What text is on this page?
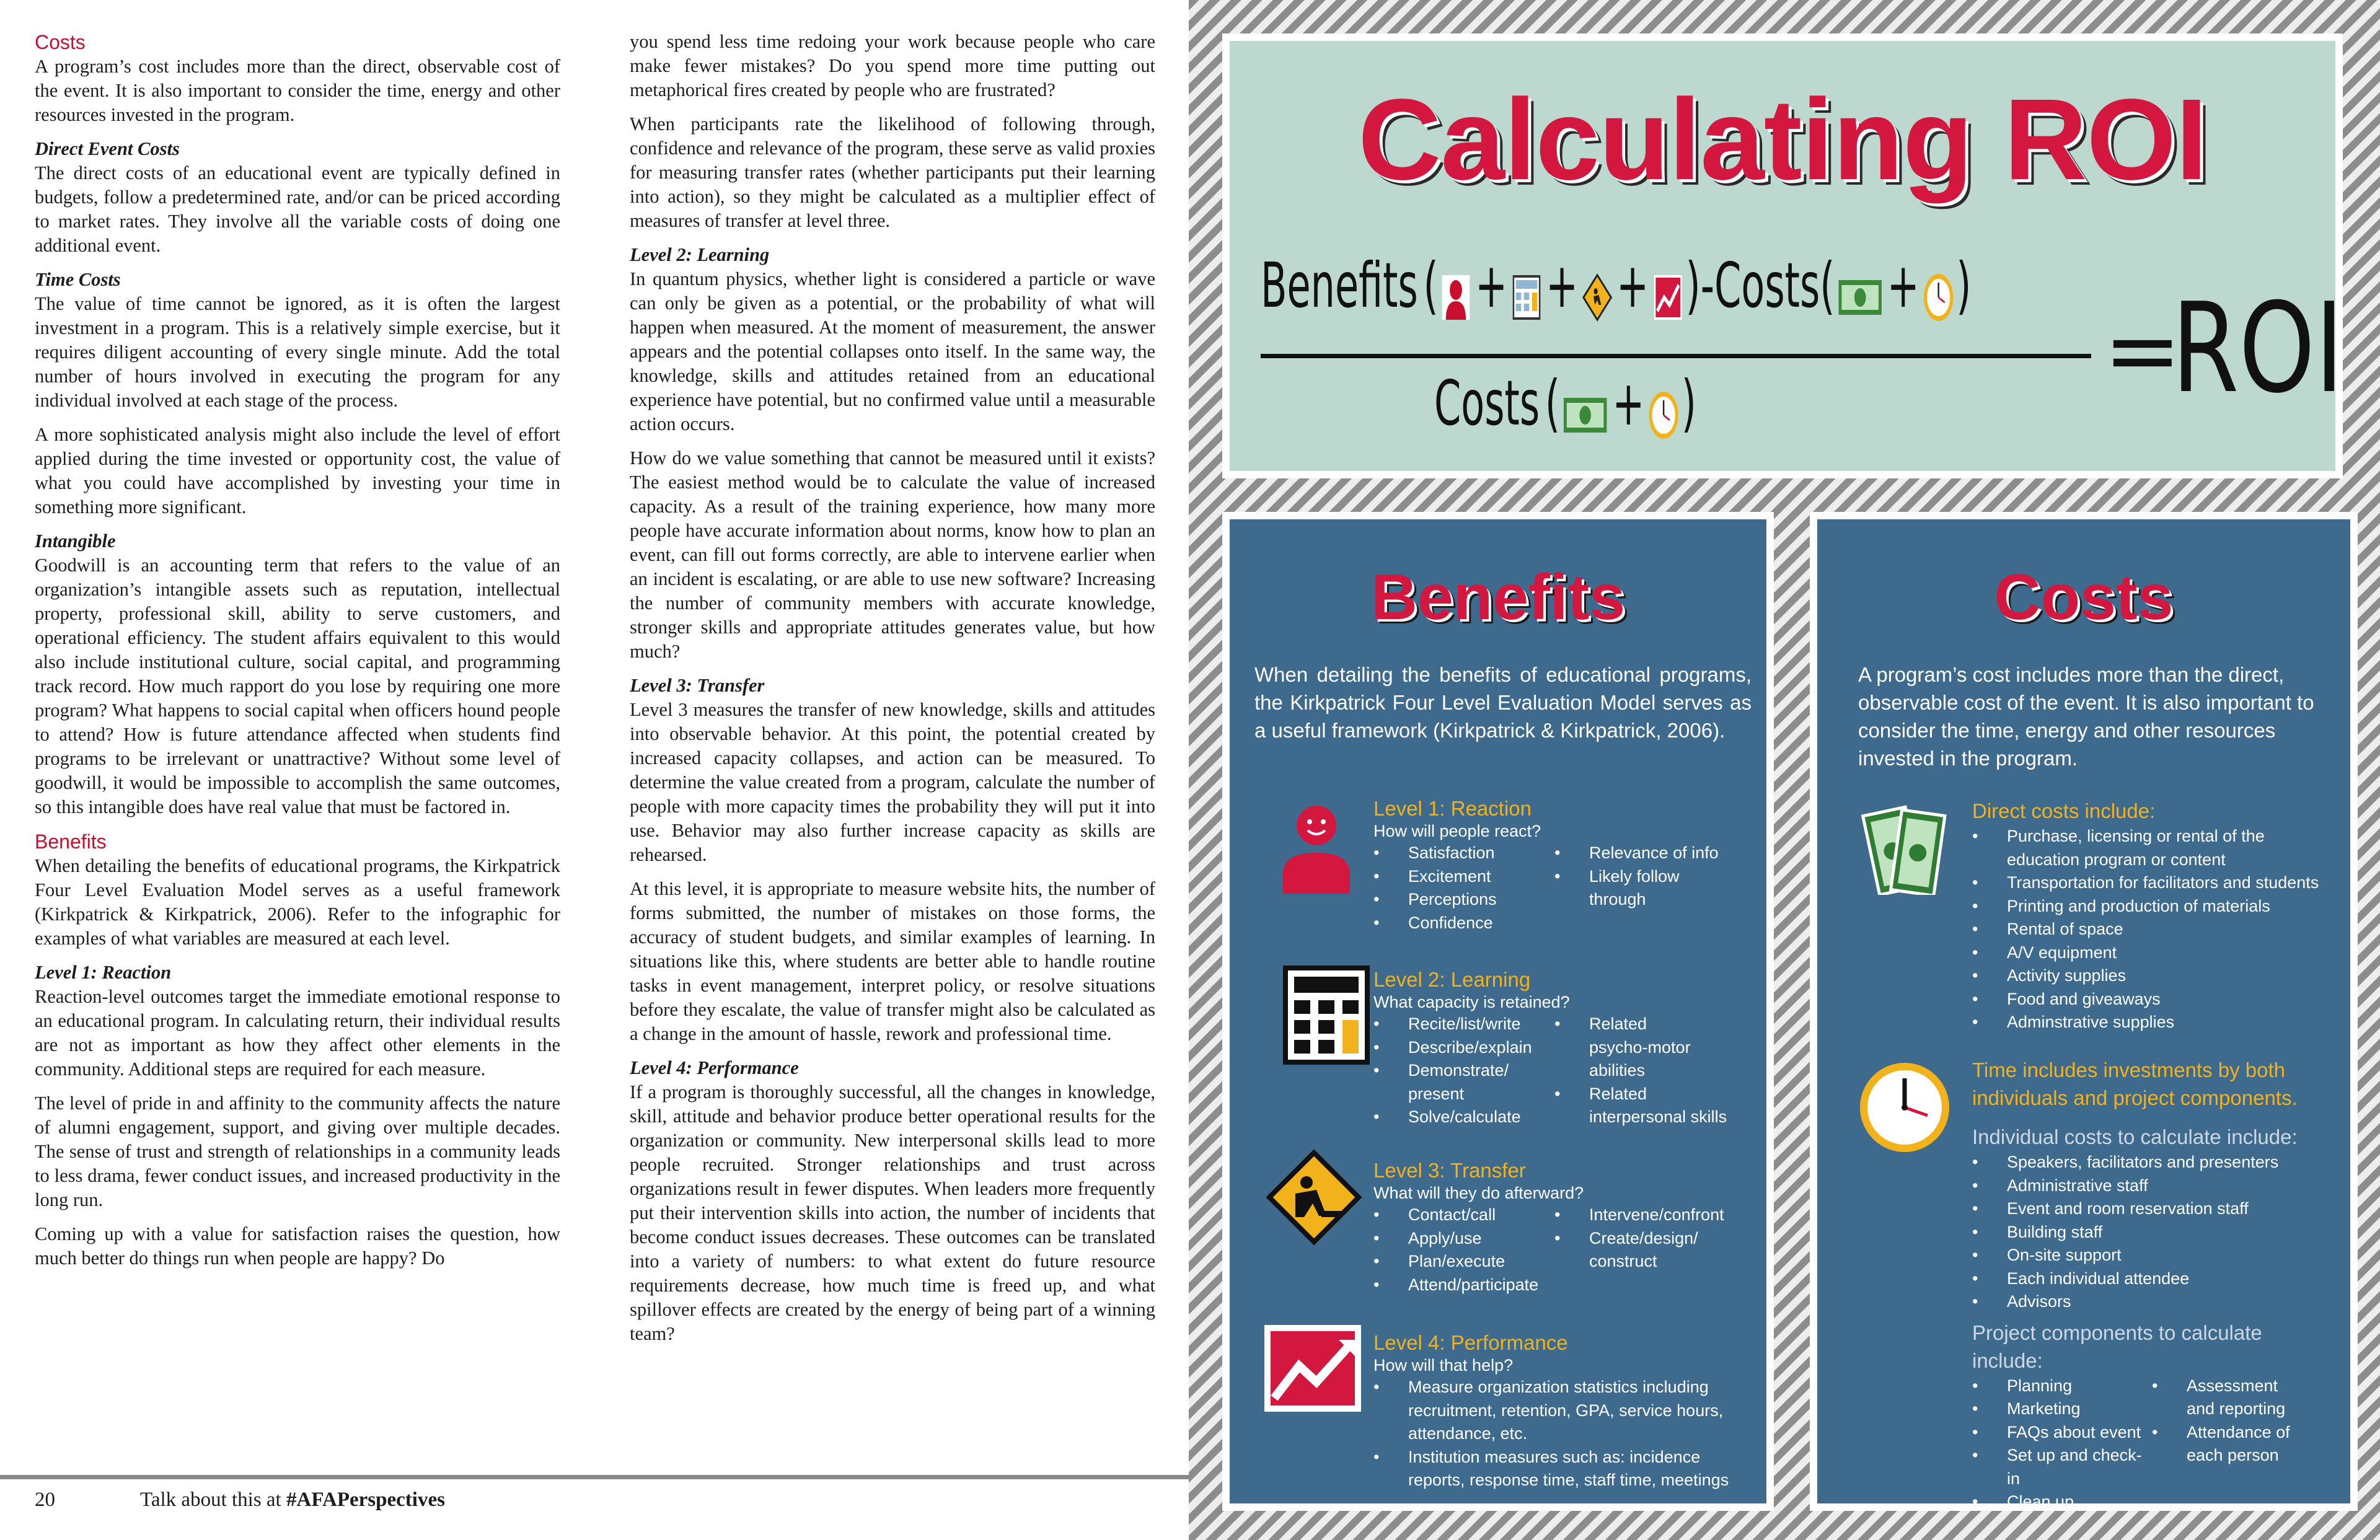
Costs

A program’s cost includes more than the direct, observable cost of the event. It is also important to consider the time, energy and other resources invested in the program.

Direct Event Costs

The direct costs of an educational event are typically defined in budgets, follow a predetermined rate, and/or can be priced according to market rates. They involve all the variable costs of doing one additional event.

Time Costs

The value of time cannot be ignored, as it is often the largest investment in a program. This is a relatively simple exercise, but it requires diligent accounting of every single minute. Add the total number of hours involved in executing the program for any individual involved at each stage of the process.

A more sophisticated analysis might also include the level of effort applied during the time invested or opportunity cost, the value of what you could have accomplished by investing your time in something more significant.

Intangible

Goodwill is an accounting term that refers to the value of an organization’s intangible assets such as reputation, intellectual property, professional skill, ability to serve customers, and operational efficiency. The student affairs equivalent to this would also include institutional culture, social capital, and programming track record. How much rapport do you lose by requiring one more program? What happens to social capital when officers hound people to attend? How is future attendance affected when students find programs to be irrelevant or unattractive? Without some level of goodwill, it would be impossible to accomplish the same outcomes, so this intangible does have real value that must be factored in.

Benefits

When detailing the benefits of educational programs, the Kirkpatrick Four Level Evaluation Model serves as a useful framework (Kirkpatrick & Kirkpatrick, 2006). Refer to the infographic for examples of what variables are measured at each level.

Level 1: Reaction

Reaction-level outcomes target the immediate emotional response to an educational program. In calculating return, their individual results are not as important as how they affect other elements in the community. Additional steps are required for each measure.

The level of pride in and affinity to the community affects the nature of alumni engagement, support, and giving over multiple decades. The sense of trust and strength of relationships in a community leads to less drama, fewer conduct issues, and increased productivity in the long run.

Coming up with a value for satisfaction raises the question, how much better do things run when people are happy? Do

you spend less time redoing your work because people who care make fewer mistakes? Do you spend more time putting out metaphorical fires created by people who are frustrated?

When participants rate the likelihood of following through, confidence and relevance of the program, these serve as valid proxies for measuring transfer rates (whether participants put their learning into action), so they might be calculated as a multiplier effect of measures of transfer at level three.

Level 2: Learning

In quantum physics, whether light is considered a particle or wave can only be given as a potential, or the probability of what will happen when measured. At the moment of measurement, the answer appears and the potential collapses onto itself. In the same way, the knowledge, skills and attitudes retained from an educational experience have potential, but no confirmed value until a measurable action occurs.

How do we value something that cannot be measured until it exists? The easiest method would be to calculate the value of increased capacity. As a result of the training experience, how many more people have accurate information about norms, know how to plan an event, can fill out forms correctly, are able to intervene earlier when an incident is escalating, or are able to use new software? Increasing the number of community members with accurate knowledge, stronger skills and appropriate attitudes generates value, but how much?

Level 3: Transfer

Level 3 measures the transfer of new knowledge, skills and attitudes into observable behavior. At this point, the potential created by increased capacity collapses, and action can be measured. To determine the value created from a program, calculate the number of people with more capacity times the probability they will put it into use. Behavior may also further increase capacity as skills are rehearsed.

At this level, it is appropriate to measure website hits, the number of forms submitted, the number of mistakes on those forms, the accuracy of student budgets, and similar examples of learning. In situations like this, where students are better able to handle routine tasks in event management, interpret policy, or resolve situations before they escalate, the value of transfer might also be calculated as a change in the amount of hassle, rework and professional time.

Level 4: Performance

If a program is thoroughly successful, all the changes in knowledge, skill, attitude and behavior produce better operational results for the organization or community. New interpersonal skills lead to more people recruited. Stronger relationships and trust across organizations result in fewer disputes. When leaders more frequently put their intervention skills into action, the number of incidents that become conduct issues decreases. These outcomes can be translated into a variety of numbers: to what extent do future resource requirements decrease, how much time is freed up, and what spillover effects are created by the energy of being part of a winning team?

20	Talk about this at #AFAPerspectives
Calculating ROI
Benefits ( + + + )- Costs ( + )
Costs ( + )	=
ROI
Benefits
When detailing the benefits of educational programs, the Kirkpatrick Four Level Evaluation Model serves as a useful framework (Kirkpatrick & Kirkpatrick, 2006).
Level 1: Reaction
How will people react?
• Satisfaction
• Excitement
• Perceptions
• Confidence
• Relevance of info
• Likely follow through
Level 2: Learning
What capacity is retained?
• Recite/list/write
• Describe/explain
• Demonstrate/ present
• Solve/calculate
• Related psycho-motor abilities
• Related interpersonal skills
Level 3: Transfer
What will they do afterward?
• Contact/call
• Apply/use
• Plan/execute
• Attend/participate
• Intervene/confront
• Create/design/ construct
Level 4: Performance
How will that help?
• Measure organization statistics including recruitment, retention, GPA, service hours, attendance, etc.
• Institution measures such as: incidence reports, response time, staff time, meetings
Costs
A program’s cost includes more than the direct, observable cost of the event. It is also important to consider the time, energy and other resources invested in the program.
Direct costs include:
• Purchase, licensing or rental of the education program or content
• Transportation for facilitators and students
• Printing and production of materials
• Rental of space
• A/V equipment
• Activity supplies
• Food and giveaways
• Adminstrative supplies
Time includes investments by both individuals and project components.
Individual costs to calculate include:
• Speakers, facilitators and presenters
• Administrative staff
• Event and room reservation staff
• Building staff
• On-site support
• Each individual attendee
• Advisors
Project components to calculate include:
• Planning
• Marketing
• FAQs about event
• Set up and check-in
• Clean up
• Assessment and reporting
• Attendance of each person
